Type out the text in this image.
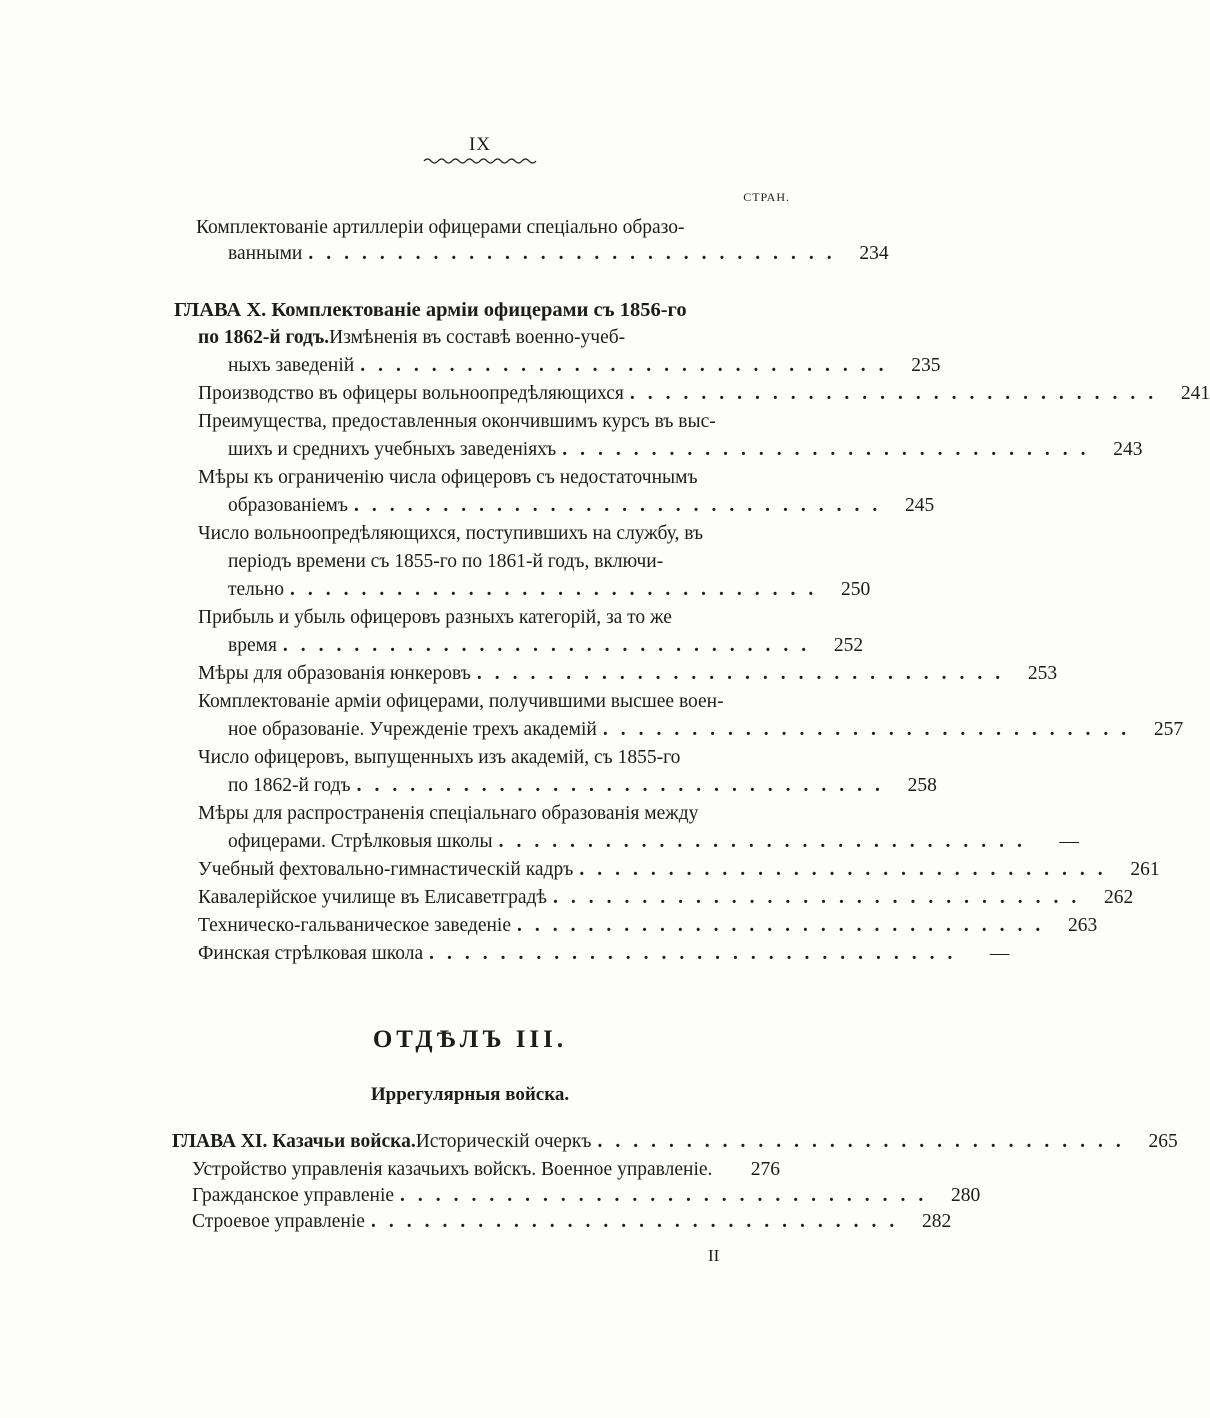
IX
СТРАН.
Комплектованіе артиллеріи офицерами спеціально образо-
ванными .............................. 234
ГЛАВА X. Комплектованіе арміи офицерами съ 1856-го
по 1862-й годъ. Измѣненія въ составѣ военно-учеб-
ныхъ заведеній .............................. 235
Производство въ офицеры вольноопредѣляющихся .............................. 241
Преимущества, предоставленныя окончившимъ курсъ въ выс-
шихъ и среднихъ учебныхъ заведеніяхъ .............................. 243
Мѣры къ ограниченію числа офицеровъ съ недостаточнымъ
образованіемъ .............................. 245
Число вольноопредѣляющихся, поступившихъ на службу, въ
періодъ времени съ 1855-го по 1861-й годъ, включи-
тельно .............................. 250
Прибыль и убыль офицеровъ разныхъ категорій, за то же
время .............................. 252
Мѣры для образованія юнкеровъ .............................. 253
Комплектованіе арміи офицерами, получившими высшее воен-
ное образованіе. Учрежденіе трехъ академій .............................. 257
Число офицеровъ, выпущенныхъ изъ академій, съ 1855-го
по 1862-й годъ .............................. 258
Мѣры для распространенія спеціальнаго образованія между
офицерами. Стрѣлковыя школы ..............................	—
Учебный фехтовально-гимнастическій кадръ .............................. 261
Кавалерійское училище въ Елисаветградѣ .............................. 262
Техническо-гальваническое заведеніе .............................. 263
Финская стрѣлковая школа ..............................	—
ОТДѢЛЪ III.
Иррегулярныя войска.
ГЛАВА XI. Казачьи войска. Историческій очеркъ .............................. 265
Устройство управленія казачьихъ войскъ. Военное управленіе.	276
Гражданское управленіе .............................. 280
Строевое управленіе .............................. 282
II
